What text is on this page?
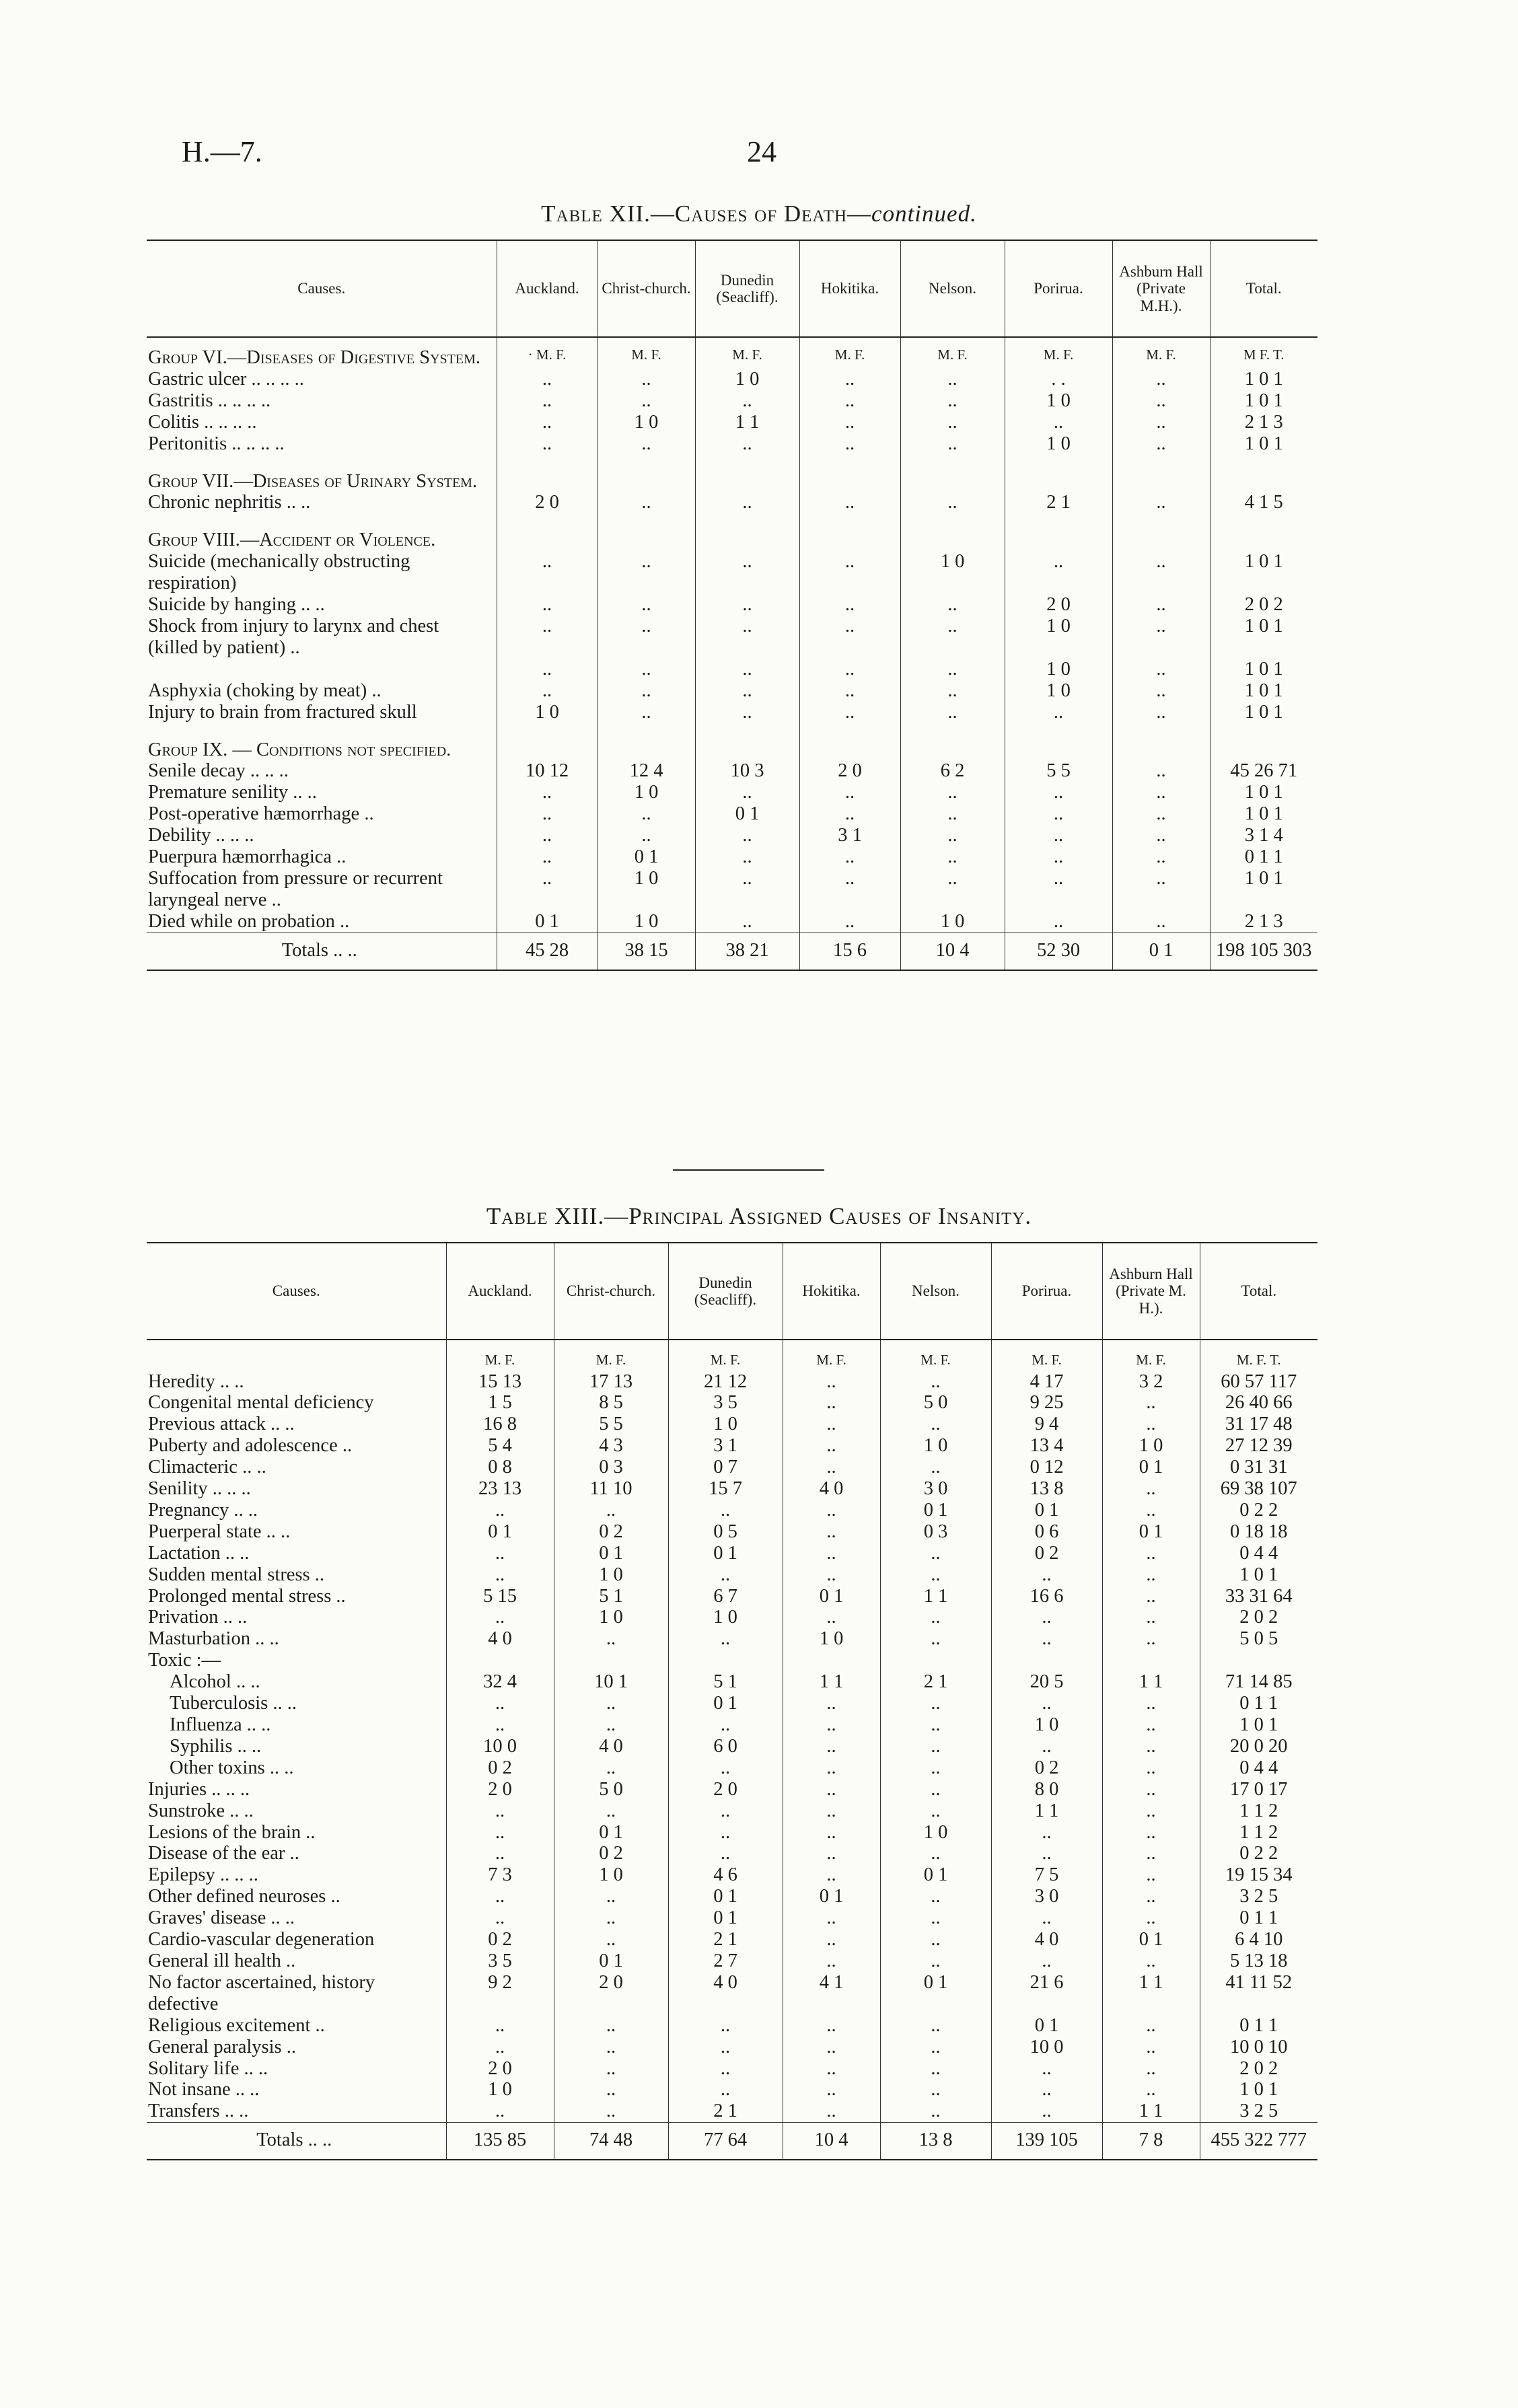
H.—7.	24
Table XII.—Causes of Death—continued.
Causes.	Auckland.	Christ-church.	Dunedin (Seacliff).	Hokitika.	Nelson.	Porirua.	Ashburn Hall (Private M.H.).	Total.

Group VI.—Diseases of Digestive System.	· M. F.	M. F.	M. F.	M. F.	M. F.	M. F.	M. F.	M F. T.
Gastric ulcer .. .. .. ..	..	..	1 0	..	..	. .	..	1 0 1
Gastritis .. .. .. ..	..	..	..	..	..	1 0	..	1 0 1
Colitis .. .. .. ..	..	1 0	1 1	..	..	..	..	2 1 3
Peritonitis .. .. .. ..	..	..	..	..	..	1 0	..	1 0 1
Group VII.—Diseases of Urinary System.								
Chronic nephritis .. ..	2 0	..	..	..	..	2 1	..	4 1 5
Group VIII.—Accident or Violence.								
Suicide (mechanically obstructing respiration)	..	..	..	..	1 0	..	..	1 0 1
Suicide by hanging .. ..	..	..	..	..	..	2 0	..	2 0 2
Shock from injury to larynx and chest (killed by patient) ..	..	..	..	..	..	1 0	..	1 0 1
	..	..	..	..	..	1 0	..	1 0 1
Asphyxia (choking by meat) ..	..	..	..	..	..	1 0	..	1 0 1
Injury to brain from fractured skull	1 0	..	..	..	..	..	..	1 0 1
Group IX. — Conditions not specified.								
Senile decay .. .. ..	10 12	12 4	10 3	2 0	6 2	5 5	..	45 26 71
Premature senility .. ..	..	1 0	..	..	..	..	..	1 0 1
Post-operative hæmorrhage ..	..	..	0 1	..	..	..	..	1 0 1
Debility .. .. ..	..	..	..	3 1	..	..	..	3 1 4
Puerpura hæmorrhagica ..	..	0 1	..	..	..	..	..	0 1 1
Suffocation from pressure or recurrent laryngeal nerve ..	..	1 0	..	..	..	..	..	1 0 1
Died while on probation ..	0 1	1 0	..	..	1 0	..	..	2 1 3
Totals .. ..	45 28	38 15	38 21	15 6	10 4	52 30	0 1	198 105 303
Table XIII.—Principal Assigned Causes of Insanity.
Causes.	Auckland.	Christ-church.	Dunedin (Seacliff).	Hokitika.	Nelson.	Porirua.	Ashburn Hall (Private M. H.).	Total.
	M. F.	M. F.	M. F.	M. F.	M. F.	M. F.	M. F.	M. F. T.
Heredity .. ..	15 13	17 13	21 12	..	..	4 17	3 2	60 57 117
Congenital mental deficiency	1 5	8 5	3 5	..	5 0	9 25	..	26 40 66
Previous attack .. ..	16 8	5 5	1 0	..	..	9 4	..	31 17 48
Puberty and adolescence ..	5 4	4 3	3 1	..	1 0	13 4	1 0	27 12 39
Climacteric .. ..	0 8	0 3	0 7	..	..	0 12	0 1	0 31 31
Senility .. .. ..	23 13	11 10	15 7	4 0	3 0	13 8	..	69 38 107
Pregnancy .. ..	..	..	..	..	0 1	0 1	..	0 2 2
Puerperal state .. ..	0 1	0 2	0 5	..	0 3	0 6	0 1	0 18 18
Lactation .. ..	..	0 1	0 1	..	..	0 2	..	0 4 4
Sudden mental stress ..	..	1 0	..	..	..	..	..	1 0 1
Prolonged mental stress ..	5 15	5 1	6 7	0 1	1 1	16 6	..	33 31 64
Privation .. ..	..	1 0	1 0	..	..	..	..	2 0 2
Masturbation .. ..	4 0	..	..	1 0	..	..	..	5 0 5
Toxic :—								
Alcohol .. ..	32 4	10 1	5 1	1 1	2 1	20 5	1 1	71 14 85
Tuberculosis .. ..	..	..	0 1	..	..	..	..	0 1 1
Influenza .. ..	..	..	..	..	..	1 0	..	1 0 1
Syphilis .. ..	10 0	4 0	6 0	..	..	..	..	20 0 20
Other toxins .. ..	0 2	..	..	..	..	0 2	..	0 4 4
Injuries .. .. ..	2 0	5 0	2 0	..	..	8 0	..	17 0 17
Sunstroke .. ..	..	..	..	..	..	1 1	..	1 1 2
Lesions of the brain ..	..	0 1	..	..	1 0	..	..	1 1 2
Disease of the ear ..	..	0 2	..	..	..	..	..	0 2 2
Epilepsy .. .. ..	7 3	1 0	4 6	..	0 1	7 5	..	19 15 34
Other defined neuroses ..	..	..	0 1	0 1	..	3 0	..	3 2 5
Graves' disease .. ..	..	..	0 1	..	..	..	..	0 1 1
Cardio-vascular degeneration	0 2	..	2 1	..	..	4 0	0 1	6 4 10
General ill health ..	3 5	0 1	2 7	..	..	..	..	5 13 18
No factor ascertained, history defective	9 2	2 0	4 0	4 1	0 1	21 6	1 1	41 11 52
Religious excitement ..	..	..	..	..	..	0 1	..	0 1 1
General paralysis ..	..	..	..	..	..	10 0	..	10 0 10
Solitary life .. ..	2 0	..	..	..	..	..	..	2 0 2
Not insane .. ..	1 0	..	..	..	..	..	..	1 0 1
Transfers .. ..	..	..	2 1	..	..	..	1 1	3 2 5
Totals .. ..	135 85	74 48	77 64	10 4	13 8	139 105	7 8	455 322 777
